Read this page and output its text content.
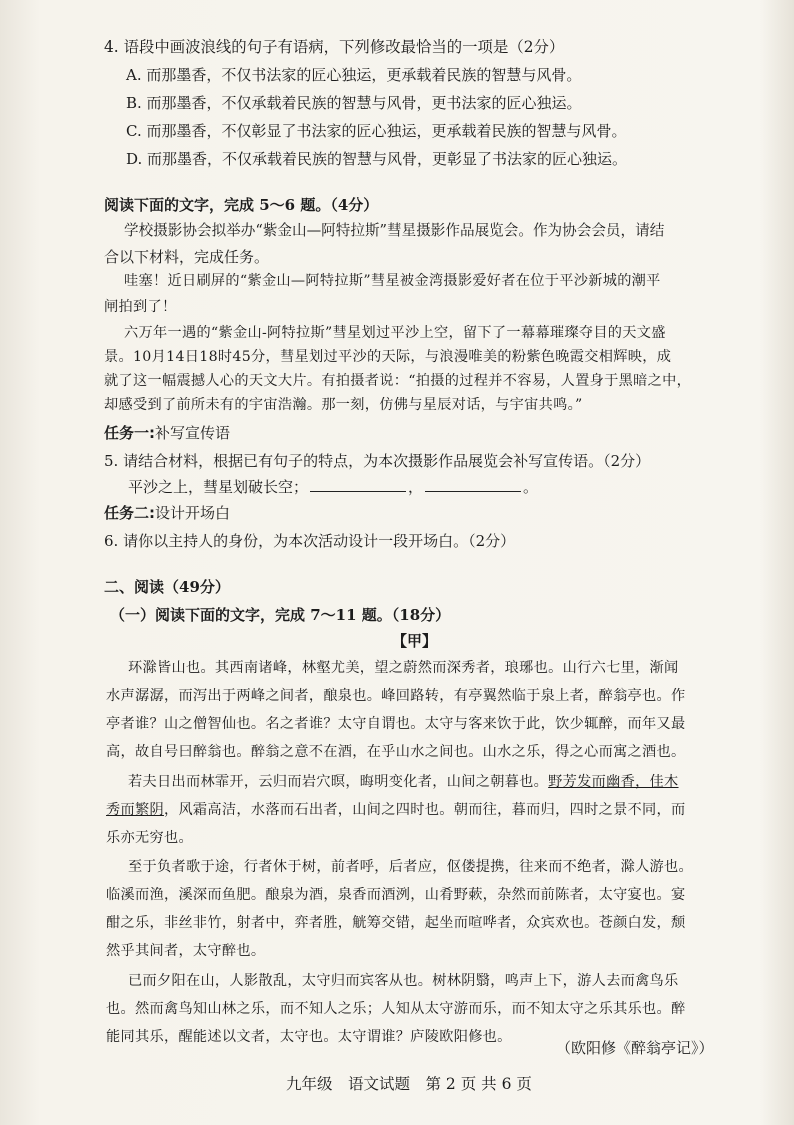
4. 语段中画波浪线的句子有语病，下列修改最恰当的一项是（2分）
A. 而那墨香，不仅书法家的匠心独运，更承载着民族的智慧与风骨。
B. 而那墨香，不仅承载着民族的智慧与风骨，更书法家的匠心独运。
C. 而那墨香，不仅彰显了书法家的匠心独运，更承载着民族的智慧与风骨。
D. 而那墨香，不仅承载着民族的智慧与风骨，更彰显了书法家的匠心独运。
阅读下面的文字，完成 5～6 题。（4分）
学校摄影协会拟举办“紫金山—阿特拉斯”彗星摄影作品展览会。作为协会会员，请结
合以下材料，完成任务。
哇塞！近日刷屏的“紫金山—阿特拉斯”彗星被金湾摄影爱好者在位于平沙新城的潮平
闸拍到了！
六万年一遇的“紫金山-阿特拉斯”彗星划过平沙上空，留下了一幕幕璀璨夺目的天文盛
景。10月14日18时45分，彗星划过平沙的天际，与浪漫唯美的粉紫色晚霞交相辉映，成
就了这一幅震撼人心的天文大片。有拍摄者说：“拍摄的过程并不容易，人置身于黑暗之中，
却感受到了前所未有的宇宙浩瀚。那一刻，仿佛与星辰对话，与宇宙共鸣。”
任务一:补写宣传语
5. 请结合材料，根据已有句子的特点，为本次摄影作品展览会补写宣传语。（2分）
平沙之上，彗星划破长空；	，	。
任务二:设计开场白
6. 请你以主持人的身份，为本次活动设计一段开场白。（2分）
二、阅读（49分）
（一）阅读下面的文字，完成 7～11 题。（18分）
【甲】
环滁皆山也。其西南诸峰，林壑尤美，望之蔚然而深秀者，琅琊也。山行六七里，渐闻
水声潺潺，而泻出于两峰之间者，酿泉也。峰回路转，有亭翼然临于泉上者，醉翁亭也。作
亭者谁？山之僧智仙也。名之者谁？太守自谓也。太守与客来饮于此，饮少辄醉，而年又最
高，故自号曰醉翁也。醉翁之意不在酒，在乎山水之间也。山水之乐，得之心而寓之酒也。
若夫日出而林霏开，云归而岩穴暝，晦明变化者，山间之朝暮也。野芳发而幽香，佳木
秀而繁阴，风霜高洁，水落而石出者，山间之四时也。朝而往，暮而归，四时之景不同，而
乐亦无穷也。
至于负者歌于途，行者休于树，前者呼，后者应，伛偻提携，往来而不绝者，滁人游也。
临溪而渔，溪深而鱼肥。酿泉为酒，泉香而酒洌，山肴野蔌，杂然而前陈者，太守宴也。宴
酣之乐，非丝非竹，射者中，弈者胜，觥筹交错，起坐而喧哗者，众宾欢也。苍颜白发，颓
然乎其间者，太守醉也。
已而夕阳在山，人影散乱，太守归而宾客从也。树林阴翳，鸣声上下，游人去而禽鸟乐
也。然而禽鸟知山林之乐，而不知人之乐；人知从太守游而乐，而不知太守之乐其乐也。醉
能同其乐，醒能述以文者，太守也。太守谓谁？庐陵欧阳修也。
（欧阳修《醉翁亭记》）
九年级　语文试题　第 2 页 共 6 页
